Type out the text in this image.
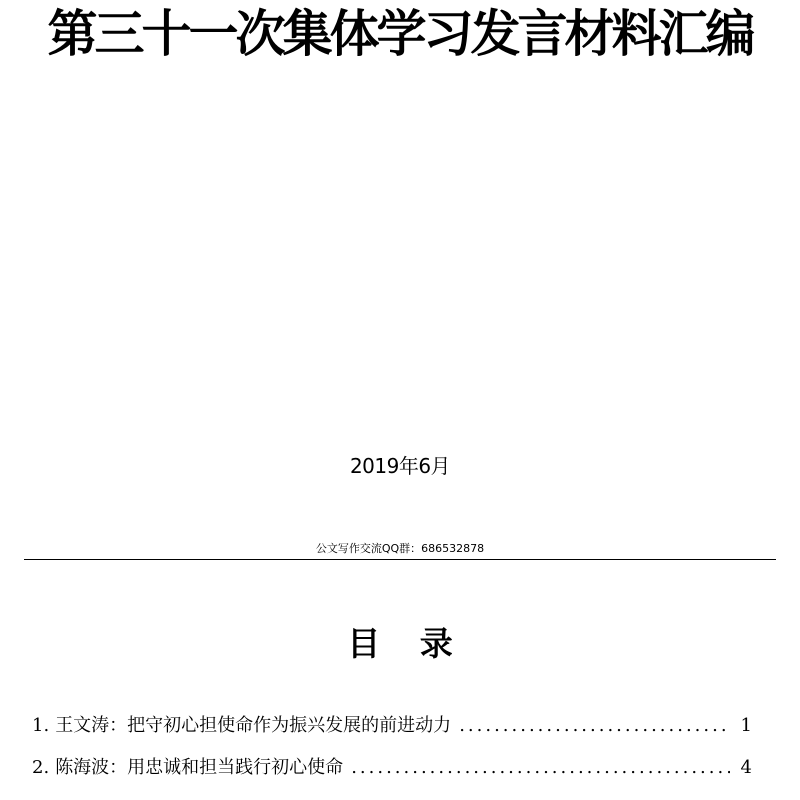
第三十一次集体学习发言材料汇编
2019年6月
公文写作交流QQ群：686532878
目 录
1. 王文涛：把守初心担使命作为振兴发展的前进动力 .....	1
2. 陈海波：用忠诚和担当践行初心使命 .....	4
